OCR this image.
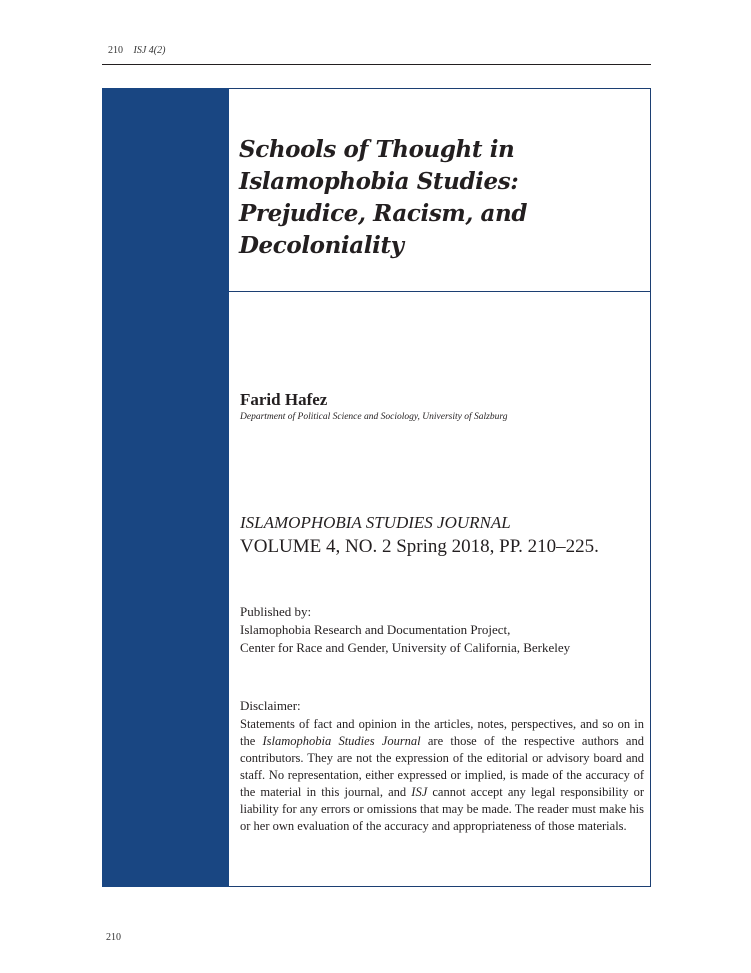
210 ISJ 4(2)
Schools of Thought in Islamophobia Studies: Prejudice, Racism, and Decoloniality
Farid Hafez
Department of Political Science and Sociology, University of Salzburg
ISLAMOPHOBIA STUDIES JOURNAL
VOLUME 4, NO. 2 Spring 2018, PP. 210–225.
Published by:
Islamophobia Research and Documentation Project,
Center for Race and Gender, University of California, Berkeley
Disclaimer:

Statements of fact and opinion in the articles, notes, perspectives, and so on in the Islamophobia Studies Journal are those of the respective authors and contributors. They are not the expression of the editorial or advisory board and staff. No representation, either expressed or implied, is made of the accuracy of the material in this journal, and ISJ cannot accept any legal responsibility or liability for any errors or omissions that may be made. The reader must make his or her own evaluation of the accuracy and appropriateness of those materials.

210
